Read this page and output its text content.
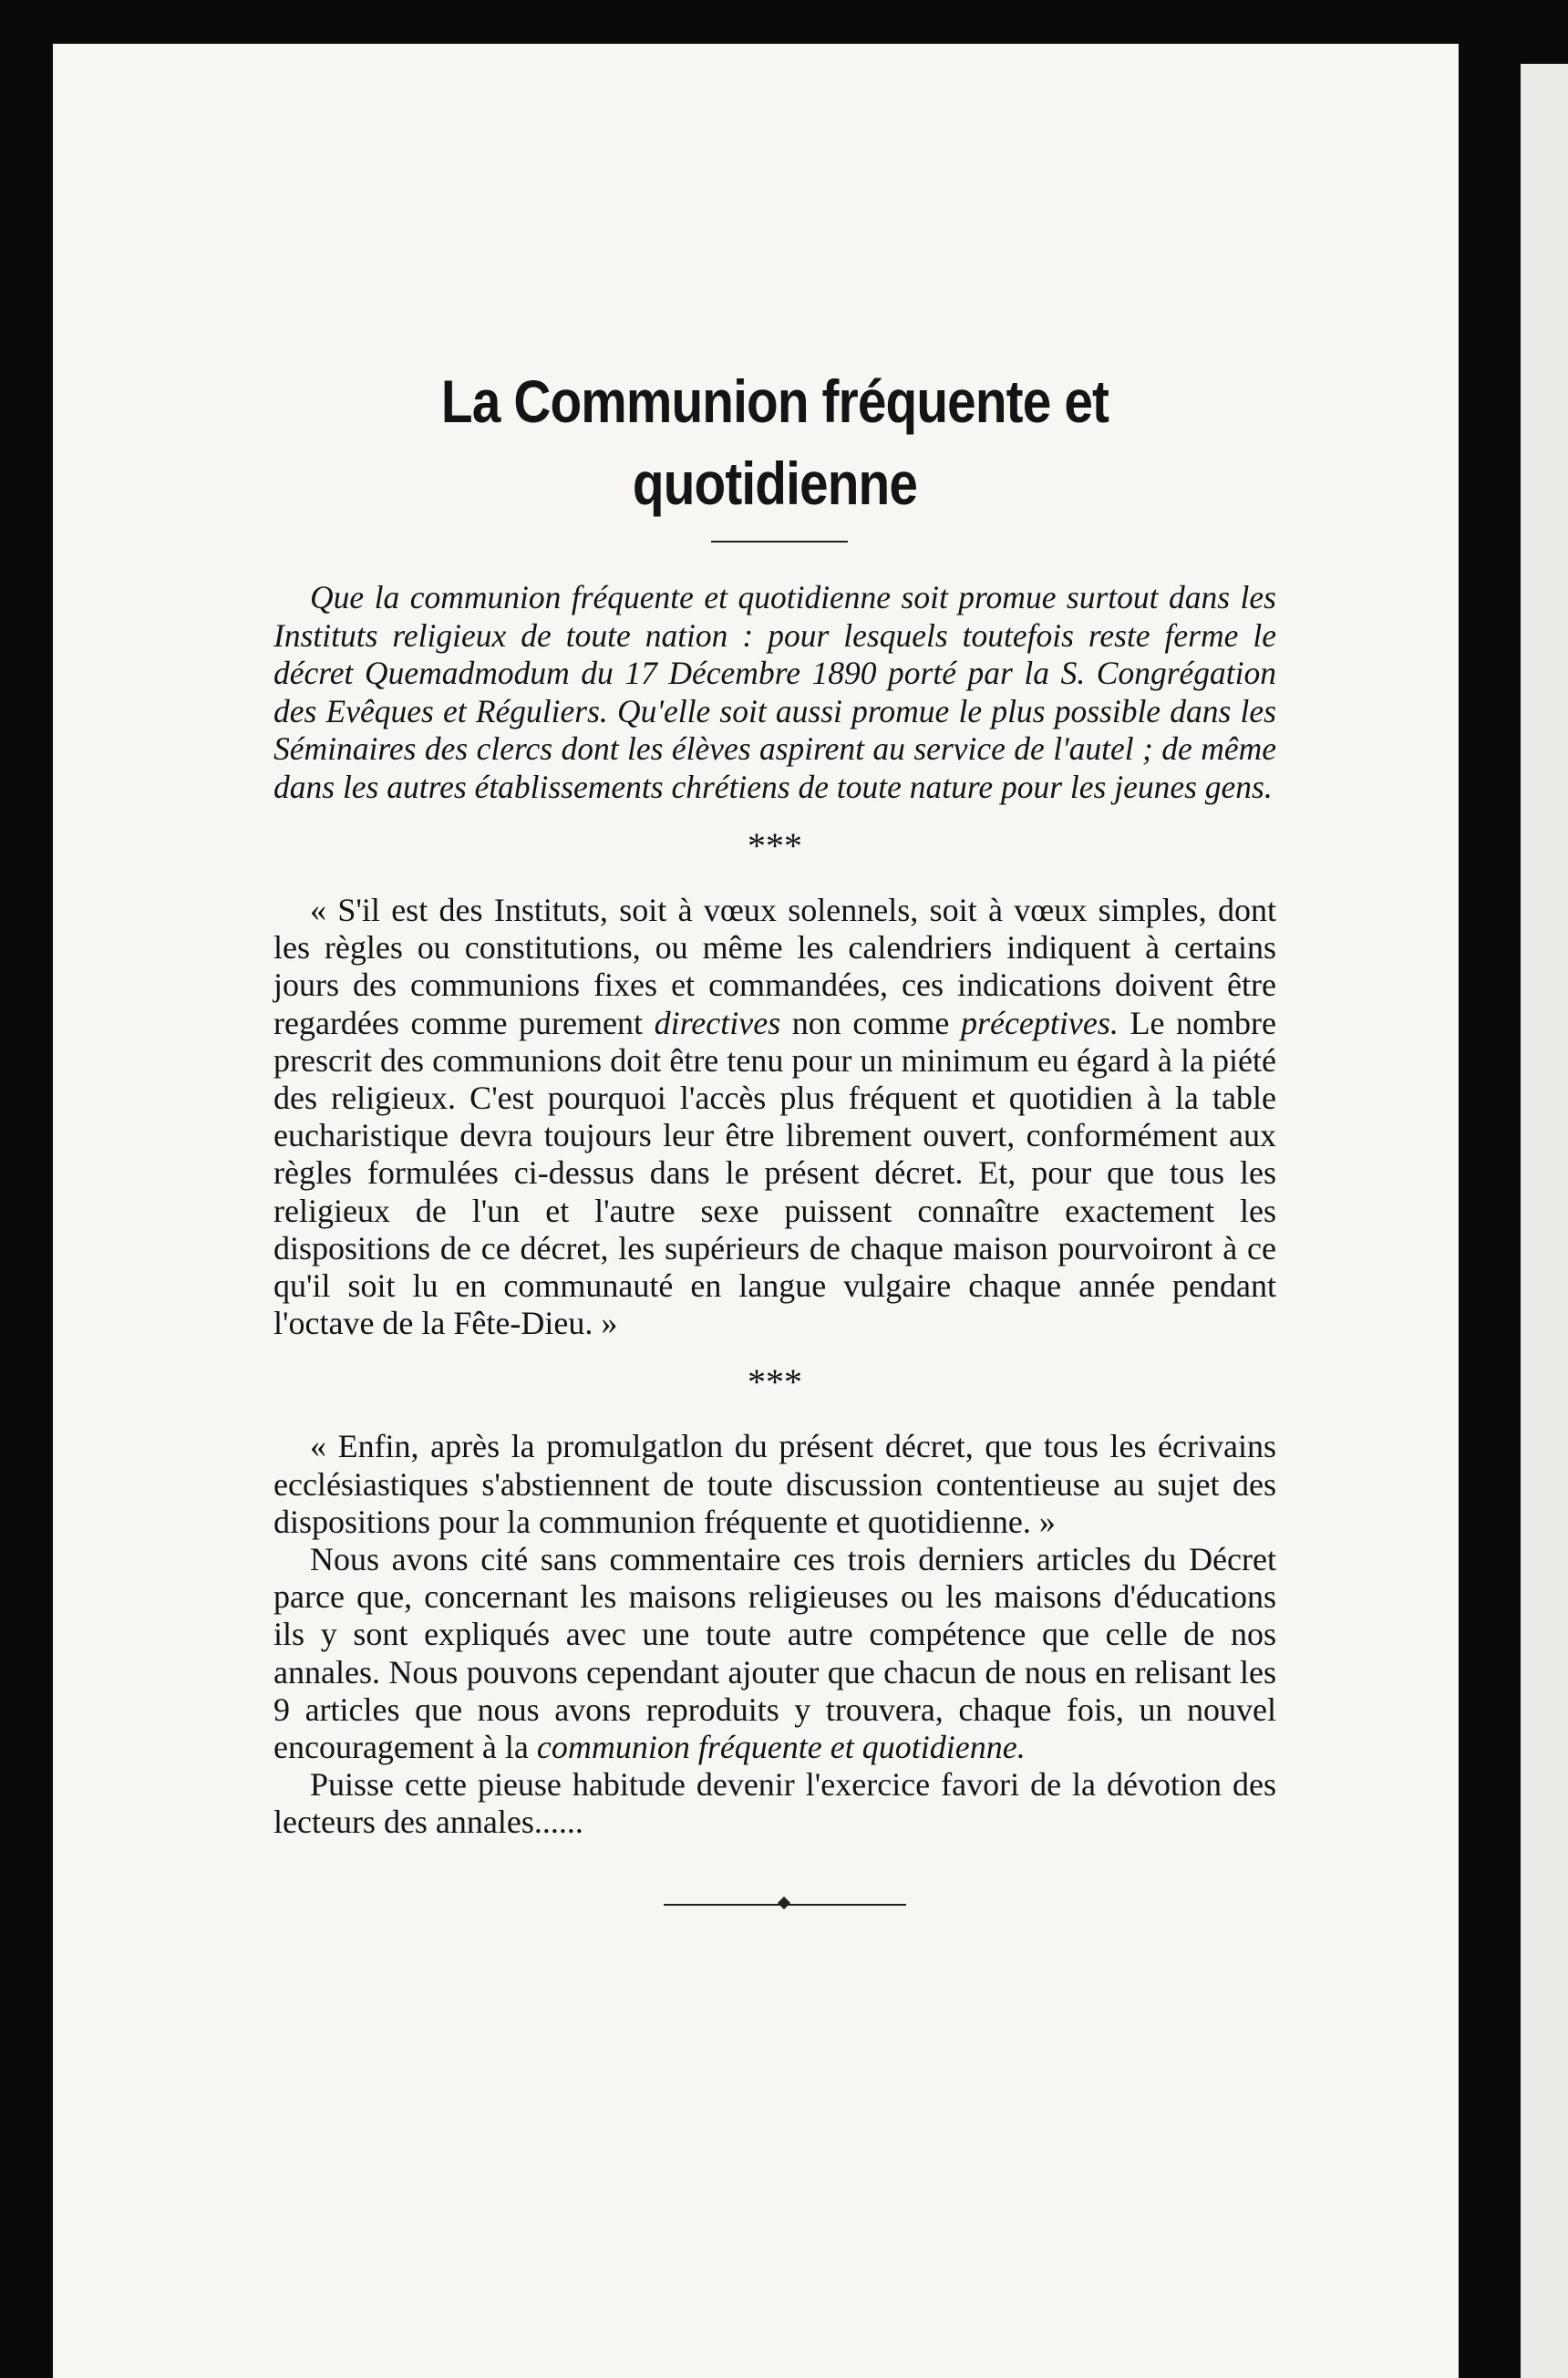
La Communion fréquente et quotidienne

Que la communion fréquente et quotidienne soit promue surtout dans les Instituts religieux de toute nation : pour lesquels toutefois reste ferme le décret Quemadmodum du 17 Décembre 1890 porté par la S. Congrégation des Evêques et Réguliers. Qu'elle soit aussi promue le plus possible dans les Séminaires des clercs dont les élèves aspirent au service de l'autel ; de même dans les autres établissements chrétiens de toute nature pour les jeunes gens.

***

« S'il est des Instituts, soit à vœux solennels, soit à vœux simples, dont les règles ou constitutions, ou même les calendriers indiquent à certains jours des communions fixes et commandées, ces indications doivent être regardées comme purement directives non comme préceptives. Le nombre prescrit des communions doit être tenu pour un minimum eu égard à la piété des religieux. C'est pourquoi l'accès plus fréquent et quotidien à la table eucharistique devra toujours leur être librement ouvert, conformément aux règles formulées ci-dessus dans le présent décret. Et, pour que tous les religieux de l'un et l'autre sexe puissent connaître exactement les dispositions de ce décret, les supérieurs de chaque maison pourvoiront à ce qu'il soit lu en communauté en langue vulgaire chaque année pendant l'octave de la Fête-Dieu. »

***

« Enfin, après la promulgatlon du présent décret, que tous les écrivains ecclésiastiques s'abstiennent de toute discussion contentieuse au sujet des dispositions pour la communion fréquente et quotidienne. »

Nous avons cité sans commentaire ces trois derniers articles du Décret parce que, concernant les maisons religieuses ou les maisons d'éducations ils y sont expliqués avec une toute autre compétence que celle de nos annales. Nous pouvons cependant ajouter que chacun de nous en relisant les 9 articles que nous avons reproduits y trouvera, chaque fois, un nouvel encouragement à la communion fréquente et quotidienne.

Puisse cette pieuse habitude devenir l'exercice favori de la dévotion des lecteurs des annales......
